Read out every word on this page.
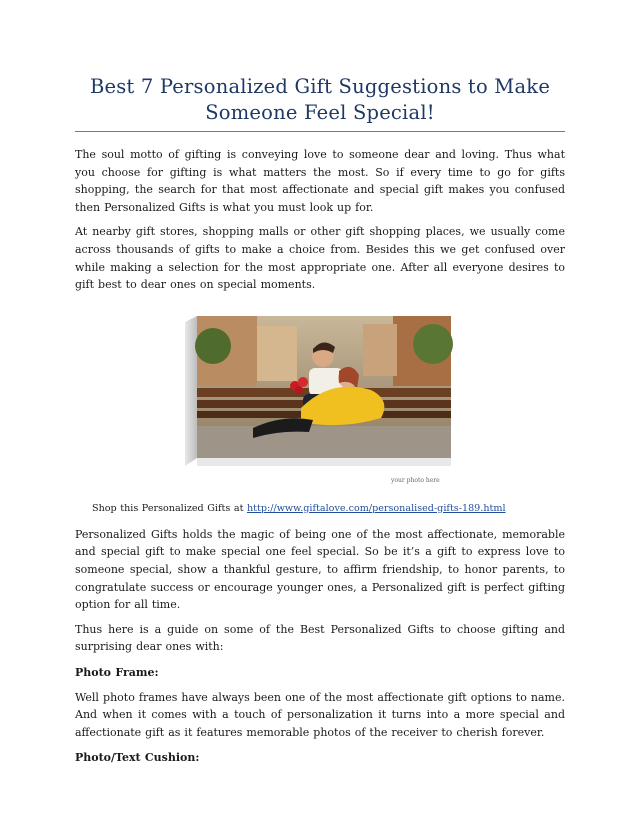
Best 7 Personalized Gift Suggestions to Make Someone Feel Special!

The soul motto of gifting is conveying love to someone dear and loving. Thus what you choose for gifting is what matters the most. So if every time to go for gifts shopping, the search for that most affectionate and special gift makes you confused then Personalized Gifts is what you must look up for.

At nearby gift stores, shopping malls or other gift shopping places, we usually come across thousands of gifts to make a choice from. Besides this we get confused over while making a selection for the most appropriate one. After all everyone desires to gift best to dear ones on special moments.

your photo here

Shop this Personalized Gifts at http://www.giftalove.com/personalised-gifts-189.html

Personalized Gifts holds the magic of being one of the most affectionate, memorable and special gift to make special one feel special. So be it’s a gift to express love to someone special, show a thankful gesture, to affirm friendship, to honor parents, to congratulate success or encourage younger ones, a Personalized gift is perfect gifting option for all time.

Thus here is a guide on some of the Best Personalized Gifts to choose gifting and surprising dear ones with:

Photo Frame:

Well photo frames have always been one of the most affectionate gift options to name. And when it comes with a touch of personalization it turns into a more special and affectionate gift as it features memorable photos of the receiver to cherish forever.

Photo/Text Cushion:
